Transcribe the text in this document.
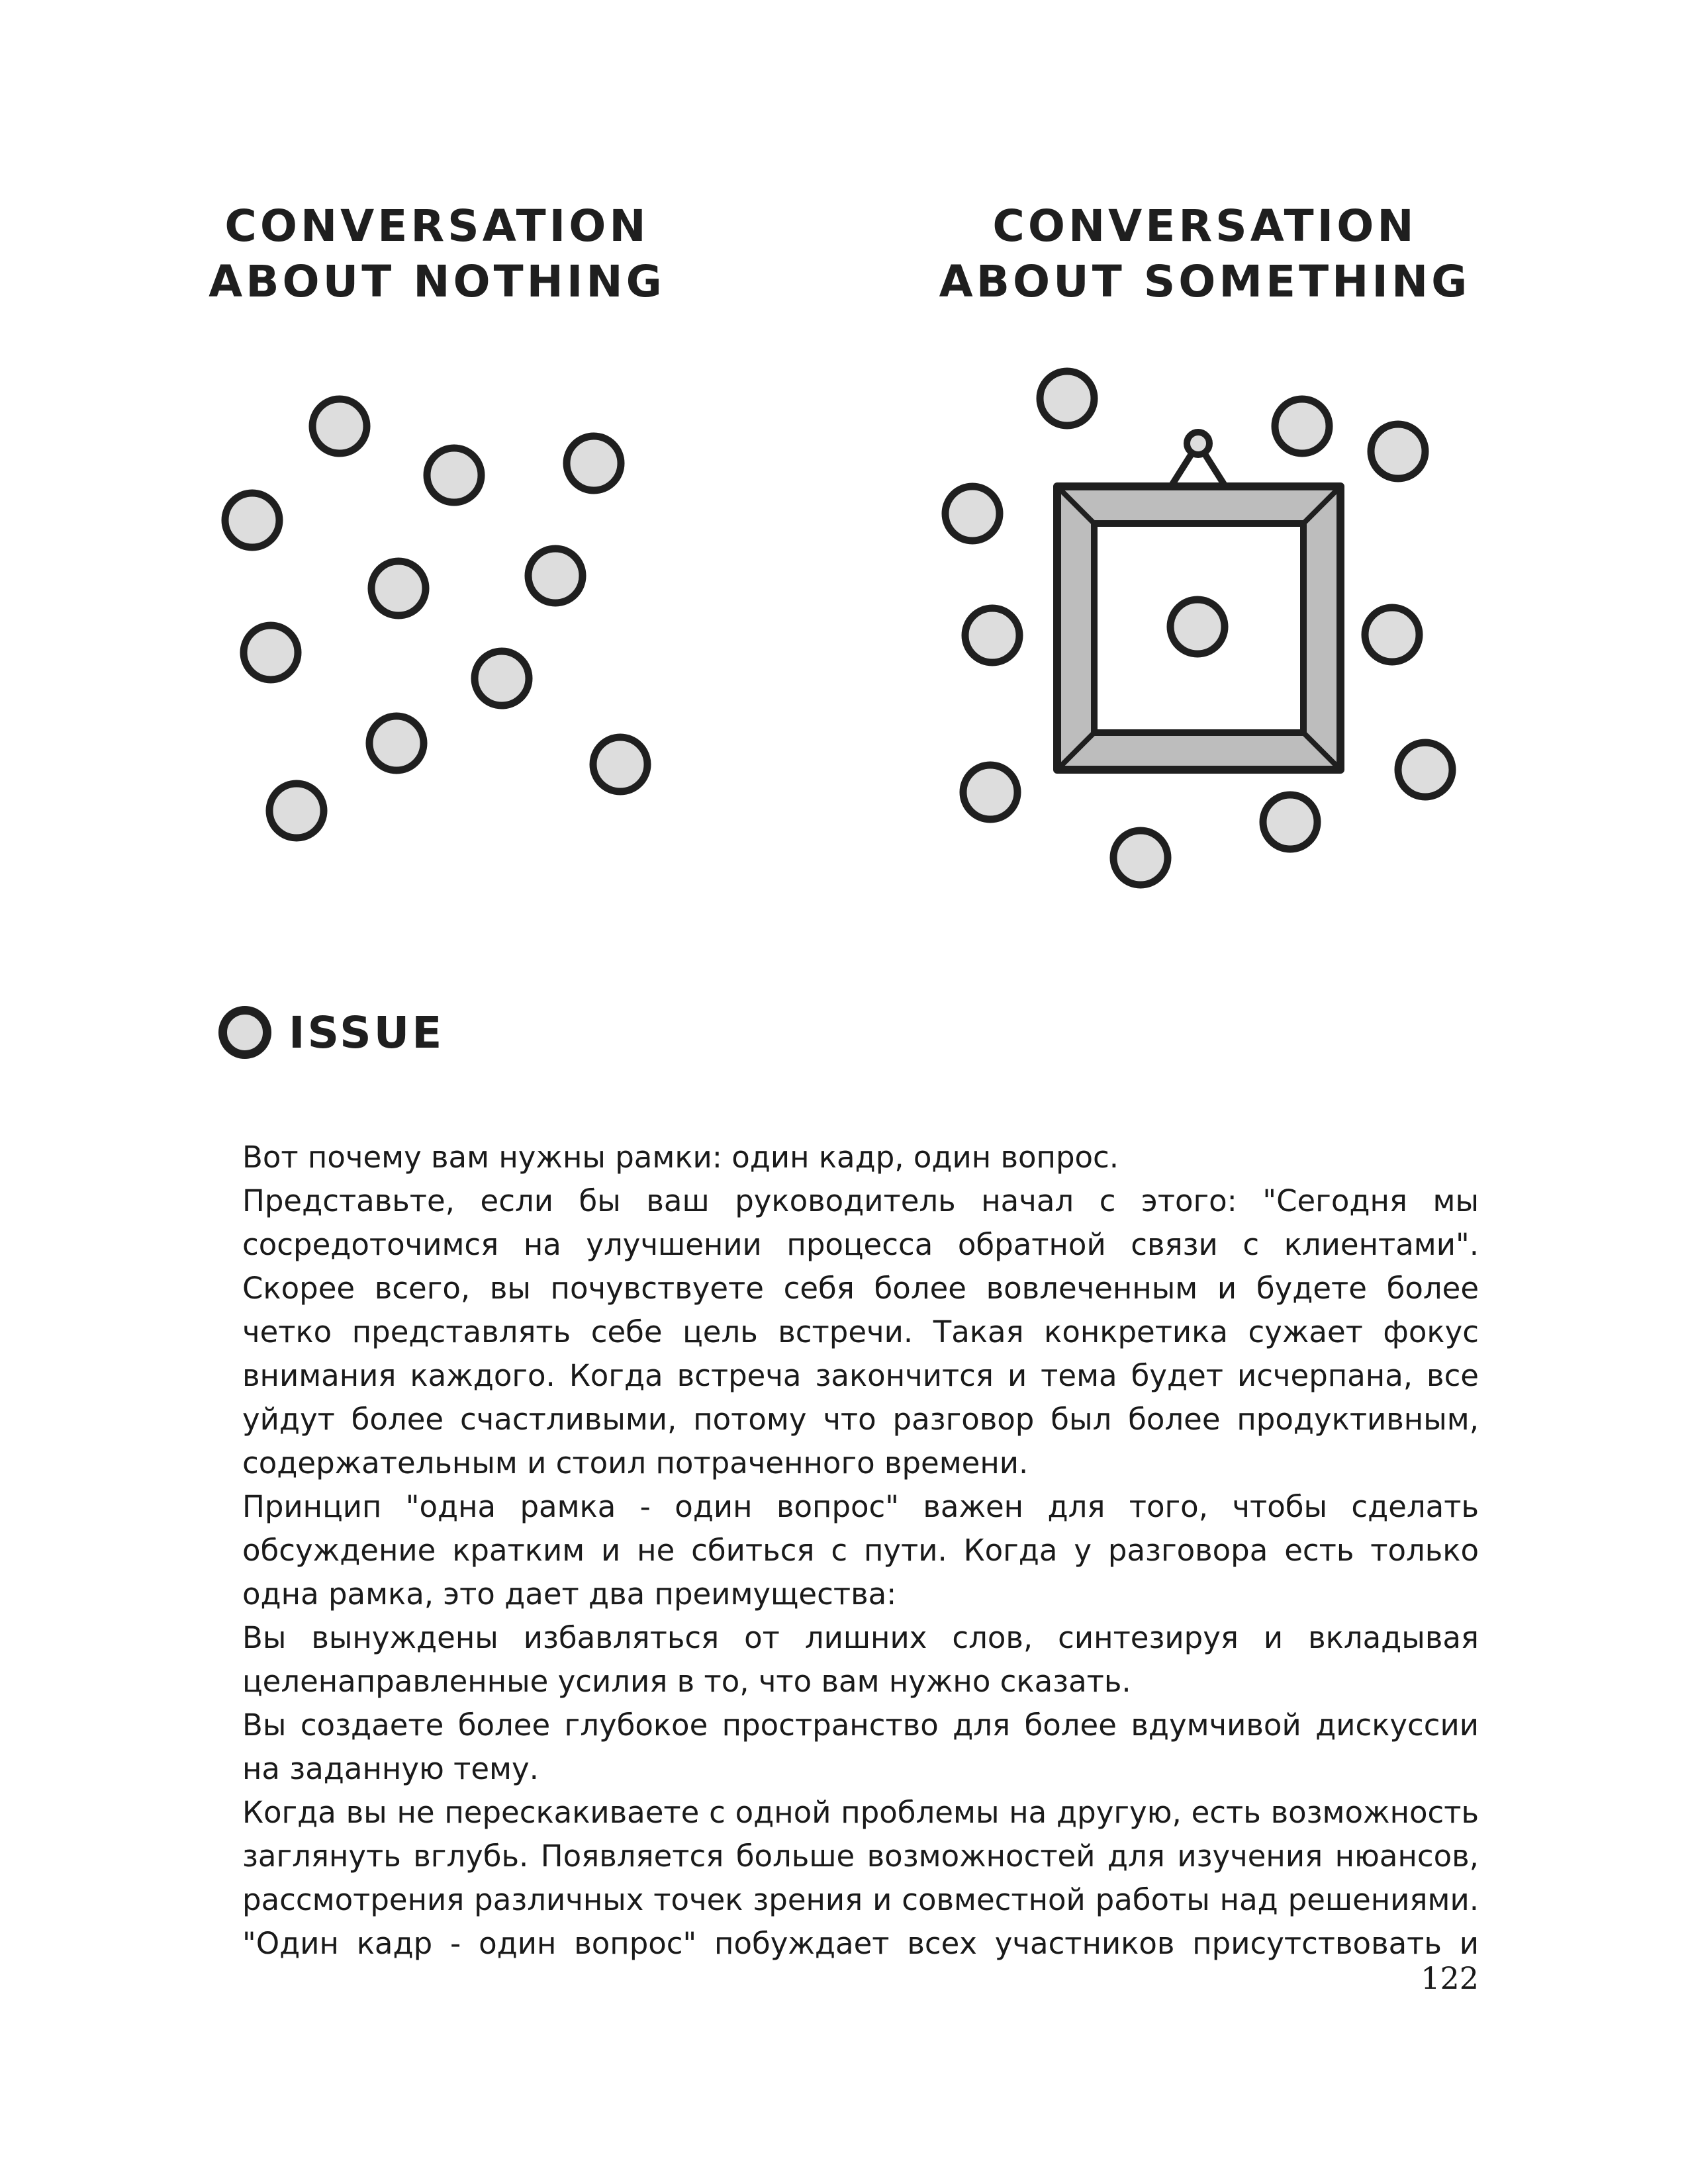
CONVERSATION
ABOUT NOTHING
CONVERSATION
ABOUT SOMETHING
ISSUE

Вот почему вам нужны рамки: один кадр, один вопрос.

Представьте, если бы ваш руководитель начал с этого: "Сегодня мы сосредоточимся на улучшении процесса обратной связи с клиентами". Скорее всего, вы почувствуете себя более вовлеченным и будете более четко представлять себе цель встречи. Такая конкретика сужает фокус внимания каждого. Когда встреча закончится и тема будет исчерпана, все уйдут более счастливыми, потому что разговор был более продуктивным, содержательным и стоил потраченного времени.

Принцип "одна рамка - один вопрос" важен для того, чтобы сделать обсуждение кратким и не сбиться с пути. Когда у разговора есть только одна рамка, это дает два преимущества:

Вы вынуждены избавляться от лишних слов, синтезируя и вкладывая целенаправленные усилия в то, что вам нужно сказать.

Вы создаете более глубокое пространство для более вдумчивой дискуссии на заданную тему.

Когда вы не перескакиваете с одной проблемы на другую, есть возможность заглянуть вглубь. Появляется больше возможностей для изучения нюансов, рассмотрения различных точек зрения и совместной работы над решениями. "Один кадр - один вопрос" побуждает всех участников присутствовать и

122
